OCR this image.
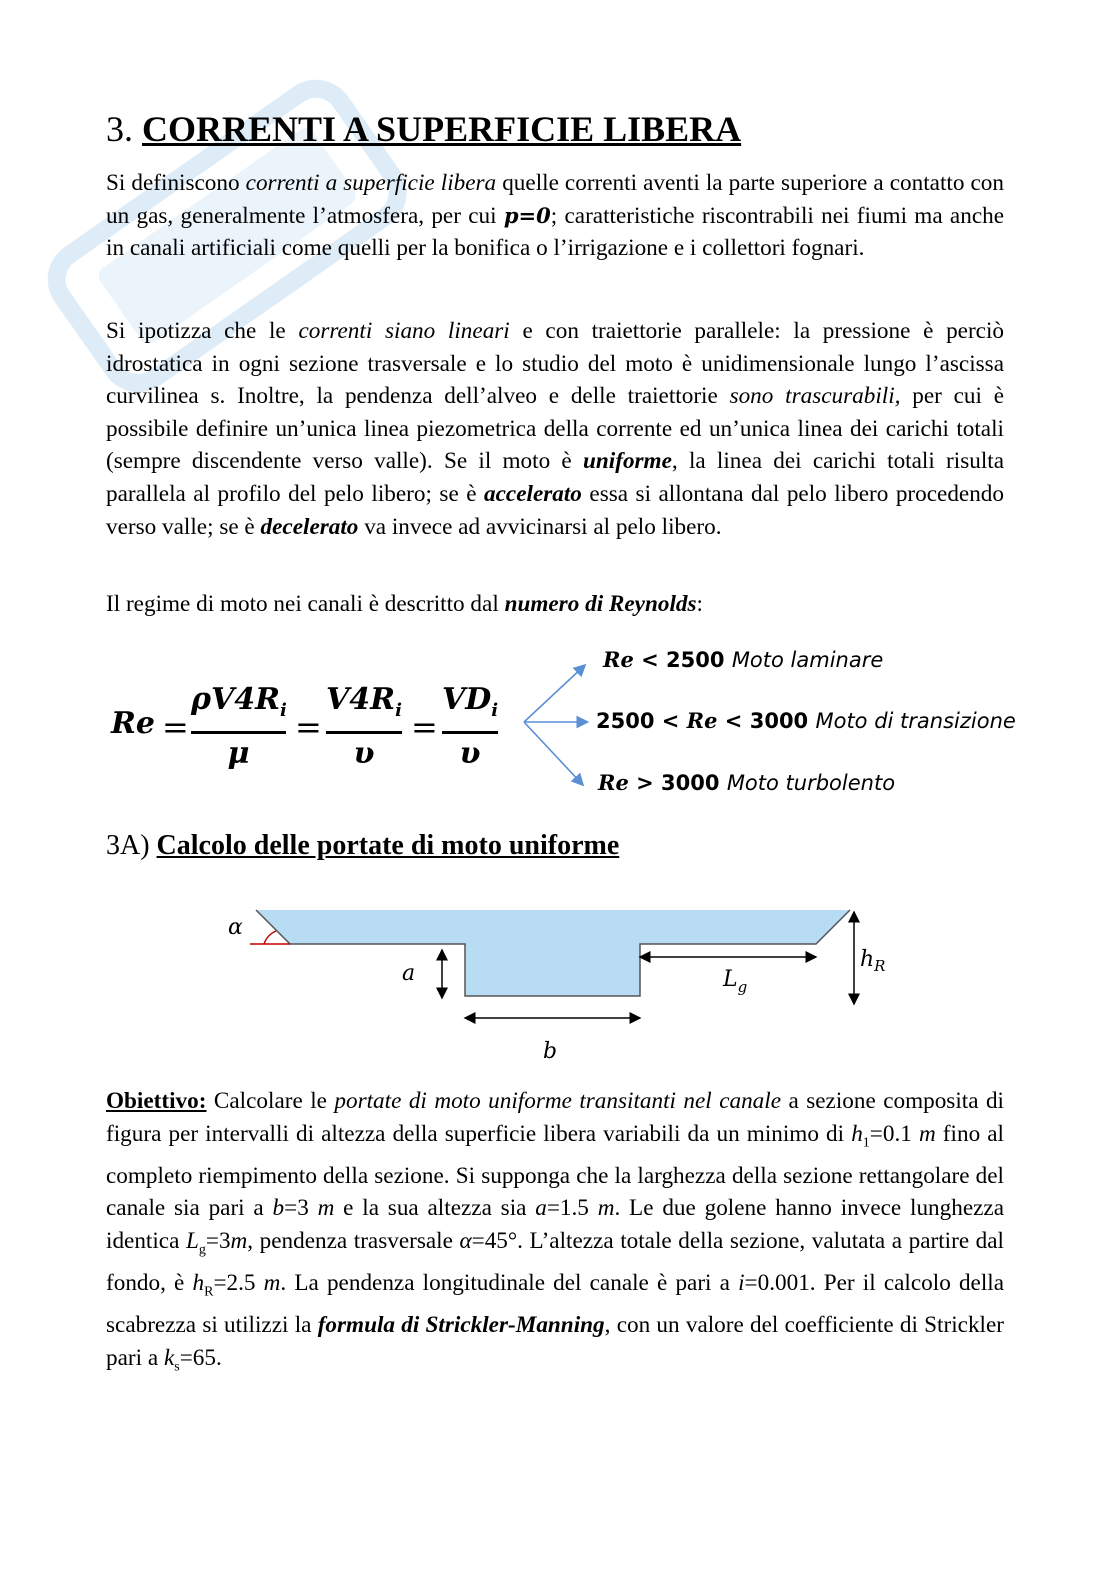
3. CORRENTI A SUPERFICIE LIBERA

Si definiscono correnti a superficie libera quelle correnti aventi la parte superiore a contatto con un gas, generalmente l’atmosfera, per cui p=0; caratteristiche riscontrabili nei fiumi ma anche in canali artificiali come quelli per la bonifica o l’irrigazione e i collettori fognari.

Si ipotizza che le correnti siano lineari e con traiettorie parallele: la pressione è perciò idrostatica in ogni sezione trasversale e lo studio del moto è unidimensionale lungo l’ascissa curvilinea s. Inoltre, la pendenza dell’alveo e delle traiettorie sono trascurabili, per cui è possibile definire un’unica linea piezometrica della corrente ed un’unica linea dei carichi totali (sempre discendente verso valle). Se il moto è uniforme, la linea dei carichi totali risulta parallela al profilo del pelo libero; se è accelerato essa si allontana dal pelo libero procedendo verso valle; se è decelerato va invece ad avvicinarsi al pelo libero.

Il regime di moto nei canali è descritto dal numero di Reynolds:

Re =
$\rho V4R_i$
μ
=
$V4R_i$
υ
=
$VD_i$
υ
Re < 2500 Moto laminare
2500 < Re < 3000 Moto di transizione
Re > 3000 Moto turbolento
3A) Calcolo delle portate di moto uniforme
α
a
b
$L_g$
$h_R$

Obiettivo: Calcolare le portate di moto uniforme transitanti nel canale a sezione composita di figura per intervalli di altezza della superficie libera variabili da un minimo di $h_1=0.1$ m fino al completo riempimento della sezione. Si supponga che la larghezza della sezione rettangolare del canale sia pari a b=3 m e la sua altezza sia a=1.5 m. Le due golene hanno invece lunghezza identica $L_g=3m$, pendenza trasversale α=45°. L’altezza totale della sezione, valutata a partire dal fondo, è $h_R=2.5$ m. La pendenza longitudinale del canale è pari a i=0.001. Per il calcolo della scabrezza si utilizzi la formula di Strickler-Manning, con un valore del coefficiente di Strickler pari a $k_s=65$.
